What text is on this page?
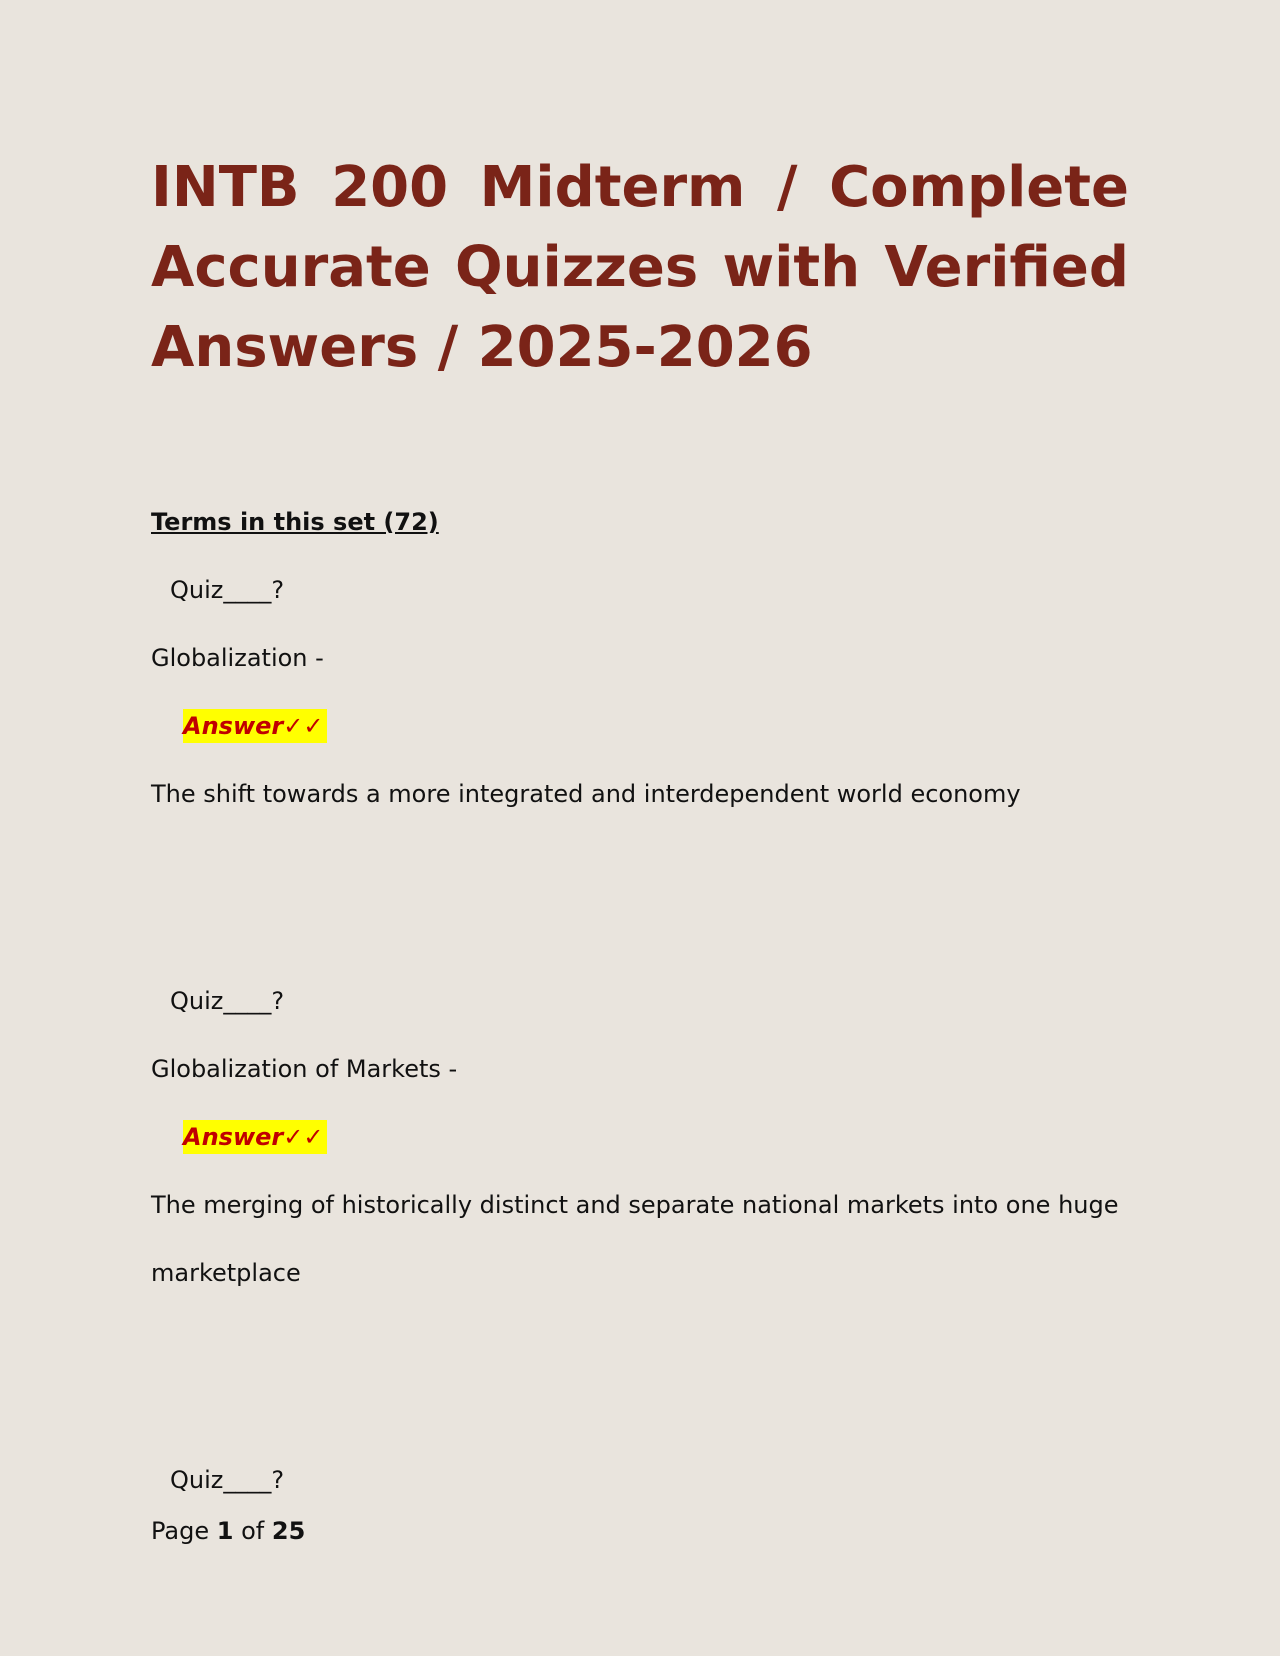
INTB 200 Midterm / Complete Accurate Quizzes with Verified Answers / 2025-2026
Terms in this set (72)
Quiz____?
Globalization -
Answer✓✓
The shift towards a more integrated and interdependent world economy
Quiz____?
Globalization of Markets -
Answer✓✓
The merging of historically distinct and separate national markets into one huge
marketplace
Quiz____?
Page 1 of 25
